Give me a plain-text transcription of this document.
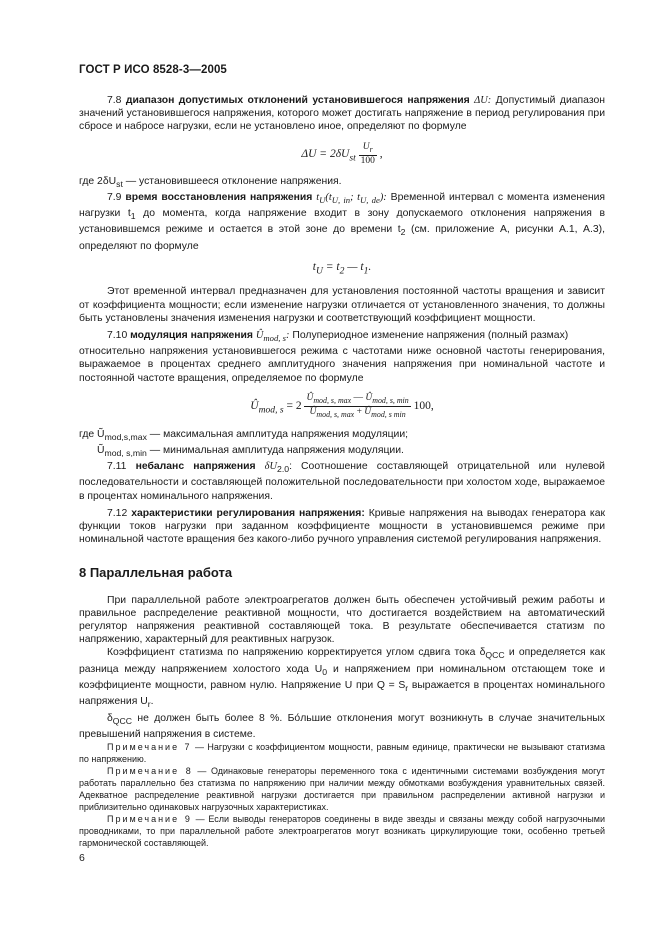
ГОСТ Р ИСО 8528-3—2005

7.8 диапазон допустимых отклонений установившегося напряжения ΔU: Допустимый диапазон значений установившегося напряжения, которого может достигать напряжение в период регулирования при сбросе и набросе нагрузки, если не установлено иное, определяют по формуле

$\Delta U = 2\delta U_{st} \frac{U_r}{100}$ ,

где $2\delta U_{st}$ — установившееся отклонение напряжения.

7.9 время восстановления напряжения $t_U(t_{U, in}$; $t_{U, de}$): Временной интервал с момента изменения нагрузки $t_1$ до момента, когда напряжение входит в зону допускаемого отклонения напряжения в установившемся режиме и остается в этой зоне до времени $t_2$ (см. приложение А, рисунки А.1, А.3), определяют по формуле

$t_U = t_2$ — $t_1$.

Этот временной интервал предназначен для установления постоянной частоты вращения и зависит от коэффициента мощности; если изменение нагрузки отличается от установленного значения, то должны быть установлены значения изменения нагрузки и соответствующий коэффициент мощности.

7.10 модуляция напряжения $Û_{mod, s}$: Полупериодное изменение напряжения (полный размах)

относительно напряжения установившегося режима с частотами ниже основной частоты генерирования, выражаемое в процентах среднего амплитудного значения напряжения при номинальной частоте и постоянной частоте вращения, определяемое по формуле

$Û_{mod, s} = 2 \frac{Û_{mod, s, max} — Û_{mod, s, min}}{Û_{mod, s, max} + Û_{mod, s min}} 100$,

где $Ũ_{mod,s,max}$ — максимальная амплитуда напряжения модуляции;

$Ũ_{mod, s,min}$ — минимальная амплитуда напряжения модуляции.

7.11 небаланс напряжения $\delta U_{2.0}$: Соотношение составляющей отрицательной или нулевой последовательности и составляющей положительной последовательности при холостом ходе, выражаемое в процентах номинального напряжения.

7.12 характеристики регулирования напряжения: Кривые напряжения на выводах генератора как функции токов нагрузки при заданном коэффициенте мощности в установившемся режиме при номинальной частоте вращения без какого-либо ручного управления системой регулирования напряжения.

8 Параллельная работа

При параллельной работе электроагрегатов должен быть обеспечен устойчивый режим работы и правильное распределение реактивной мощности, что достигается воздействием на автоматический регулятор напряжения реактивной составляющей тока. В результате обеспечивается статизм по напряжению, характерный для реактивных нагрузок.

Коэффициент статизма по напряжению корректируется углом сдвига тока $\delta_{QCC}$ и определяется как разница между напряжением холостого хода $U_0$ и напряжением при номинальном отстающем токе и коэффициенте мощности, равном нулю. Напряжение U при $Q = S_r$ выражается в процентах номинального напряжения $U_r$.

$\delta_{QCC}$ не должен быть более 8 %. Бо́льшие отклонения могут возникнуть в случае значительных превышений напряжения в системе.

Примечание 7 — Нагрузки с коэффициентом мощности, равным единице, практически не вызывают статизма по напряжению.

Примечание 8 — Одинаковые генераторы переменного тока с идентичными системами возбуждения могут работать параллельно без статизма по напряжению при наличии между обмотками возбуждения уравнительных связей. Адекватное распределение реактивной нагрузки достигается при правильном распределении активной нагрузки и приблизительно одинаковых нагрузочных характеристиках.

Примечание 9 — Если выводы генераторов соединены в виде звезды и связаны между собой нагрузочными проводниками, то при параллельной работе электроагрегатов могут возникать циркулирующие токи, особенно третьей гармонической составляющей.

6
